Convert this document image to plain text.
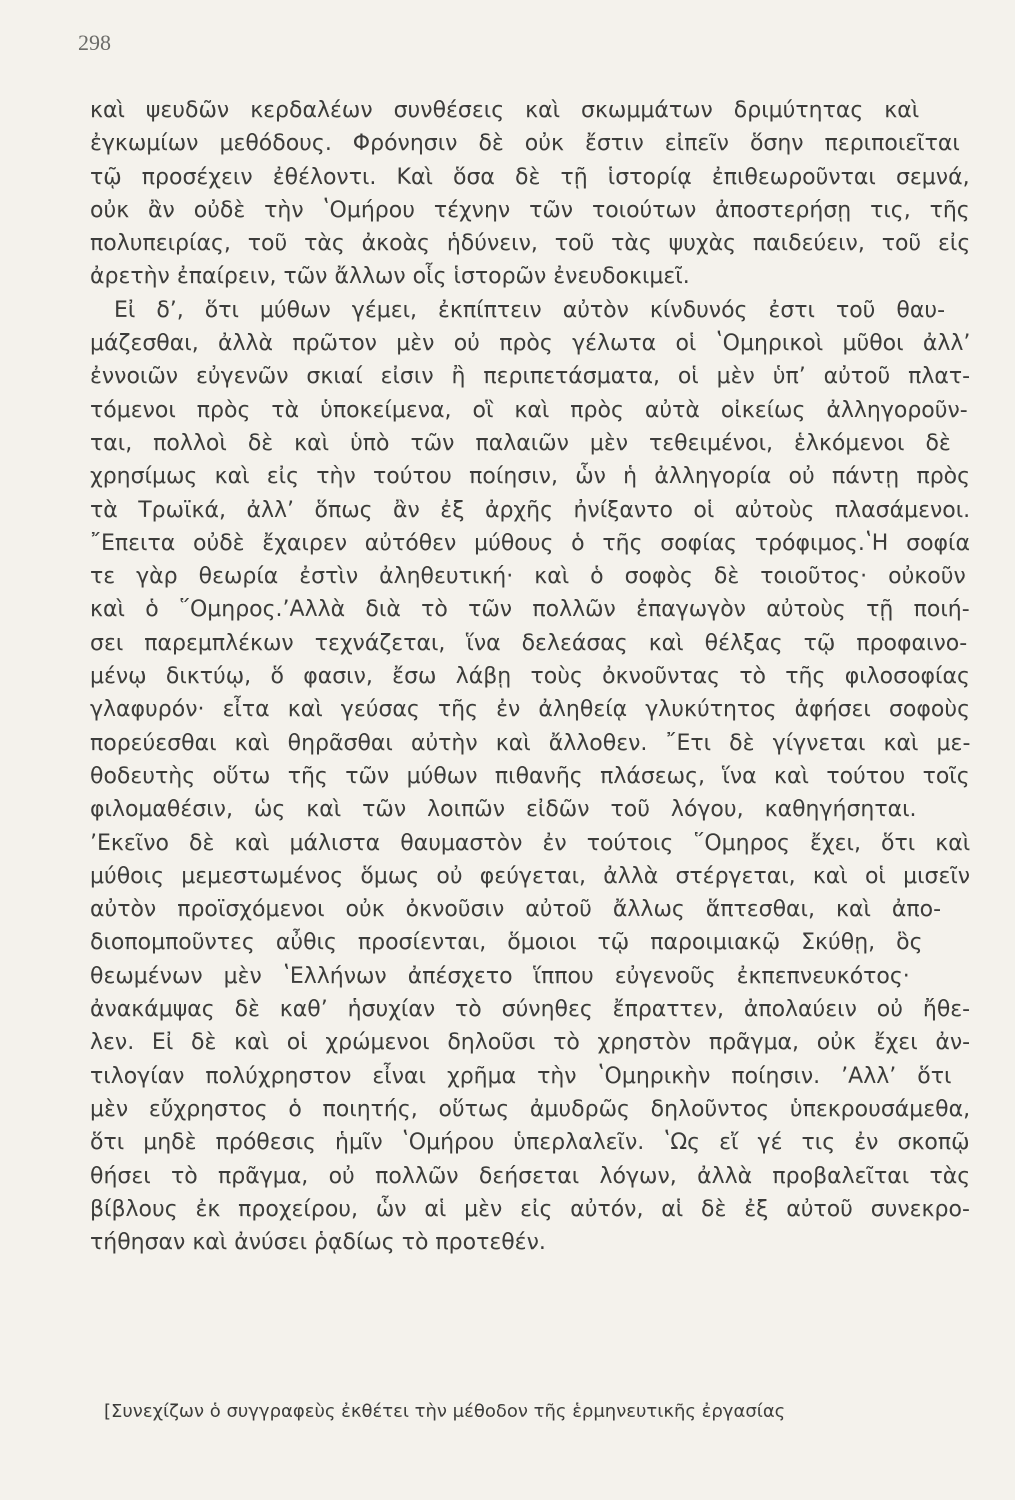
298
καὶ ψευδῶν κερδαλέων συνθέσεις καὶ σκωμμάτων δριμύτητας καὶ
ἐγκωμίων μεθόδους. Φρόνησιν δὲ οὐκ ἔστιν εἰπεῖν ὅσην περιποιεῖται
τῷ προσέχειν ἐθέλοντι. Καὶ ὅσα δὲ τῇ ἱστορίᾳ ἐπιθεωροῦνται σεμνά,
οὐκ ἂν οὐδὲ τὴν ʽΟμήρου τέχνην τῶν τοιούτων ἀποστερήσῃ τις, τῆς
πολυπειρίας, τοῦ τὰς ἀκοὰς ἡδύνειν, τοῦ τὰς ψυχὰς παιδεύειν, τοῦ εἰς
ἀρετὴν ἐπαίρειν, τῶν ἄλλων οἷς ἱστορῶν ἐνευδοκιμεῖ.
Εἰ δ’, ὅτι μύθων γέμει, ἐκπίπτειν αὐτὸν κίνδυνός ἐστι τοῦ θαυ-
μάζεσθαι, ἀλλὰ πρῶτον μὲν οὐ πρὸς γέλωτα οἱ ʽΟμηρικοὶ μῦθοι ἀλλ’
ἐννοιῶν εὐγενῶν σκιαί εἰσιν ἢ περιπετάσματα, οἱ μὲν ὑπ’ αὐτοῦ πλατ-
τόμενοι πρὸς τὰ ὑποκείμενα, οἳ καὶ πρὸς αὐτὰ οἰκείως ἀλληγοροῦν-
ται, πολλοὶ δὲ καὶ ὑπὸ τῶν παλαιῶν μὲν τεθειμένοι, ἑλκόμενοι δὲ
χρησίμως καὶ εἰς τὴν τούτου ποίησιν, ὧν ἡ ἀλληγορία οὐ πάντῃ πρὸς
τὰ Τρωϊκά, ἀλλ’ ὅπως ἂν ἐξ ἀρχῆς ἠνίξαντο οἱ αὐτοὺς πλασάμενοι.
῎Επειτα οὐδὲ ἔχαιρεν αὐτόθεν μύθους ὁ τῆς σοφίας τρόφιμος.ʽΗ σοφία
τε γὰρ θεωρία ἐστὶν ἀληθευτική· καὶ ὁ σοφὸς δὲ τοιοῦτος· οὐκοῦν
καὶ ὁ ῞Ομηρος.’Αλλὰ διὰ τὸ τῶν πολλῶν ἐπαγωγὸν αὐτοὺς τῇ ποιή-
σει παρεμπλέκων τεχνάζεται, ἵνα δελεάσας καὶ θέλξας τῷ προφαινο-
μένῳ δικτύῳ, ὅ φασιν, ἔσω λάβῃ τοὺς ὀκνοῦντας τὸ τῆς φιλοσοφίας
γλαφυρόν· εἶτα καὶ γεύσας τῆς ἐν ἀληθείᾳ γλυκύτητος ἀφήσει σοφοὺς
πορεύεσθαι καὶ θηρᾶσθαι αὐτὴν καὶ ἄλλοθεν. ῎Ετι δὲ γίγνεται καὶ με-
θοδευτὴς οὕτω τῆς τῶν μύθων πιθανῆς πλάσεως, ἵνα καὶ τούτου τοῖς
φιλομαθέσιν, ὡς καὶ τῶν λοιπῶν εἰδῶν τοῦ λόγου, καθηγήσηται.
’Εκεῖνο δὲ καὶ μάλιστα θαυμαστὸν ἐν τούτοις ῞Ομηρος ἔχει, ὅτι καὶ
μύθοις μεμεστωμένος ὅμως οὐ φεύγεται, ἀλλὰ στέργεται, καὶ οἱ μισεῖν
αὐτὸν προϊσχόμενοι οὐκ ὀκνοῦσιν αὐτοῦ ἄλλως ἅπτεσθαι, καὶ ἀπο-
διοπομποῦντες αὖθις προσίενται, ὅμοιοι τῷ παροιμιακῷ Σκύθῃ, ὃς
θεωμένων μὲν ʽΕλλήνων ἀπέσχετο ἵππου εὐγενοῦς ἐκπεπνευκότος·
ἀνακάμψας δὲ καθ’ ἡσυχίαν τὸ σύνηθες ἔπραττεν, ἀπολαύειν οὐ ἤθε-
λεν. Εἰ δὲ καὶ οἱ χρώμενοι δηλοῦσι τὸ χρηστὸν πρᾶγμα, οὐκ ἔχει ἀν-
τιλογίαν πολύχρηστον εἶναι χρῆμα τὴν ʽΟμηρικὴν ποίησιν. ’Αλλ’ ὅτι
μὲν εὔχρηστος ὁ ποιητής, οὕτως ἀμυδρῶς δηλοῦντος ὑπεκρουσάμεθα,
ὅτι μηδὲ πρόθεσις ἡμῖν ʽΟμήρου ὑπερλαλεῖν. ʽΩς εἴ γέ τις ἐν σκοπῷ
θήσει τὸ πρᾶγμα, οὐ πολλῶν δεήσεται λόγων, ἀλλὰ προβαλεῖται τὰς
βίβλους ἐκ προχείρου, ὧν αἱ μὲν εἰς αὐτόν, αἱ δὲ ἐξ αὐτοῦ συνεκρο-
τήθησαν καὶ ἀνύσει ῥᾳδίως τὸ προτεθέν.
[Συνεχίζων ὁ συγγραφεὺς ἐκθέτει τὴν μέθοδον τῆς ἑρμηνευτικῆς ἐργασίας
